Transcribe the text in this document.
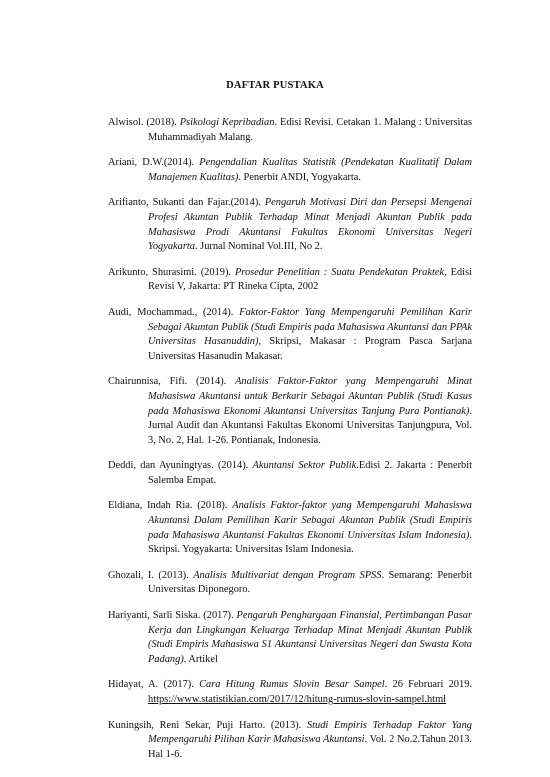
DAFTAR PUSTAKA
Alwisol. (2018). Psikologi Kepribadian. Edisi Revisi. Cetakan 1. Malang : Universitas Muhammadiyah Malang.
Ariani, D.W.(2014). Pengendalian Kualitas Statistik (Pendekatan Kualitatif Dalam Manajemen Kualitas). Penerbit ANDI, Yogyakarta.
Arifianto, Sukanti dan Fajar.(2014). Pengaruh Motivasi Diri dan Persepsi Mengenai Profesi Akuntan Publik Terhadap Minat Menjadi Akuntan Publik pada Mahasiswa Prodi Akuntansi Fakultas Ekonomi Universitas Negeri Yogyakarta. Jurnal Nominal Vol.III, No 2.
Arikunto, Shurasimi. (2019). Prosedur Penelitian : Suatu Pendekatan Praktek, Edisi Revisi V, Jakarta: PT Rineka Cipta, 2002
Audi, Mochammad., (2014). Faktor-Faktor Yang Mempengaruhi Pemilihan Karir Sebagai Akuntan Publik (Studi Empiris pada Mahasiswa Akuntansi dan PPAk Universitas Hasanuddin), Skripsi, Makasar : Program Pasca Sarjana Universitas Hasanudin Makasar.
Chairunnisa, Fifi. (2014). Analisis Faktor-Faktor yang Mempengaruhi Minat Mahasiswa Akuntansi untuk Berkarir Sebagai Akuntan Publik (Studi Kasus pada Mahasiswa Ekonomi Akuntansi Universitas Tanjung Pura Pontianak). Jurnal Audit dan Akuntansi Fakultas Ekonomi Universitas Tanjungpura, Vol. 3, No. 2, Hal. 1-26. Pontianak, Indonesia.
Deddi, dan Ayuningtyas. (2014). Akuntansi Sektor Publik.Edisi 2. Jakarta : Penerbit Salemba Empat.
Eldiana, Indah Ria. (2018). Analisis Faktor-faktor yang Mempengaruhi Mahasiswa Akuntansi Dalam Pemilihan Karir Sebagai Akuntan Publik (Studi Empiris pada Mahasiswa Akuntansi Fakultas Ekonomi Universitas Islam Indonesia). Skripsi. Yogyakarta: Universitas Islam Indonesia.
Ghozali, I. (2013). Analisis Multivariat dengan Program SPSS. Semarang: Penerbit Universitas Diponegoro.
Hariyanti, Sarli Siska. (2017). Pengaruh Penghargaan Finansial, Pertimbangan Pasar Kerja dan Lingkungan Keluarga Terhadap Minat Menjadi Akuntan Publik (Studi Empiris Mahasiswa S1 Akuntansi Universitas Negeri dan Swasta Kota Padang). Artikel
Hidayat, A. (2017). Cara Hitung Rumus Slovin Besar Sampel. 26 Februari 2019. https://www.statistikian.com/2017/12/hitung-rumus-slovin-sampel.html
Kuningsih, Reni Sekar, Puji Harto. (2013). Studi Empiris Terhadap Faktor Yang Mempengaruhi Pilihan Karir Mahasiswa Akuntansi. Vol. 2 No.2.Tahun 2013. Hal 1-6.
